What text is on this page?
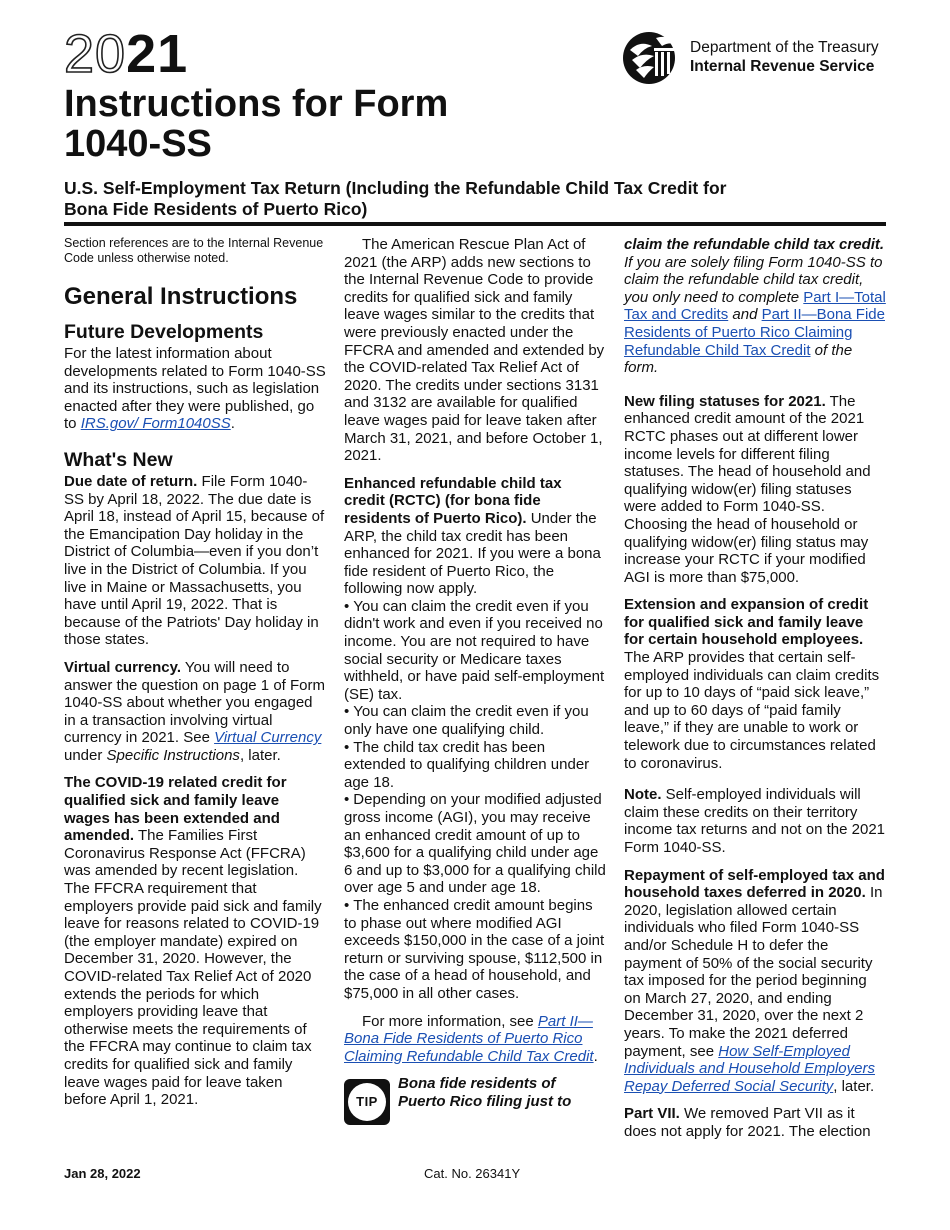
2021
Instructions for Form
1040-SS
Department of the Treasury
Internal Revenue Service
U.S. Self-Employment Tax Return (Including the Refundable Child Tax Credit for
Bona Fide Residents of Puerto Rico)

Section references are to the Internal Revenue Code unless otherwise noted.

General Instructions
Future Developments

For the latest information about developments related to Form 1040-SS and its instructions, such as legislation enacted after they were published, go to IRS.gov/ Form1040SS.

What's New

Due date of return. File Form 1040-SS by April 18, 2022. The due date is April 18, instead of April 15, because of the Emancipation Day holiday in the District of Columbia—even if you don’t live in the District of Columbia. If you live in Maine or Massachusetts, you have until April 19, 2022. That is because of the Patriots' Day holiday in those states.

Virtual currency. You will need to answer the question on page 1 of Form 1040-SS about whether you engaged in a transaction involving virtual currency in 2021. See Virtual Currency under Specific Instructions, later.

The COVID-19 related credit for qualified sick and family leave wages has been extended and amended. The Families First Coronavirus Response Act (FFCRA) was amended by recent legislation. The FFCRA requirement that employers provide paid sick and family leave for reasons related to COVID-19 (the employer mandate) expired on December 31, 2020. However, the COVID-related Tax Relief Act of 2020 extends the periods for which employers providing leave that otherwise meets the requirements of the FFCRA may continue to claim tax credits for qualified sick and family leave wages paid for leave taken before April 1, 2021.

The American Rescue Plan Act of 2021 (the ARP) adds new sections to the Internal Revenue Code to provide credits for qualified sick and family leave wages similar to the credits that were previously enacted under the FFCRA and amended and extended by the COVID-related Tax Relief Act of 2020. The credits under sections 3131 and 3132 are available for qualified leave wages paid for leave taken after March 31, 2021, and before October 1, 2021.

Enhanced refundable child tax credit (RCTC) (for bona fide residents of Puerto Rico). Under the ARP, the child tax credit has been enhanced for 2021. If you were a bona fide resident of Puerto Rico, the following now apply.

• You can claim the credit even if you didn't work and even if you received no income. You are not required to have social security or Medicare taxes withheld, or have paid self-employment (SE) tax.

• You can claim the credit even if you only have one qualifying child.

• The child tax credit has been extended to qualifying children under age 18.

• Depending on your modified adjusted gross income (AGI), you may receive an enhanced credit amount of up to $3,600 for a qualifying child under age 6 and up to $3,000 for a qualifying child over age 5 and under age 18.

• The enhanced credit amount begins to phase out where modified AGI exceeds $150,000 in the case of a joint return or surviving spouse, $112,500 in the case of a head of household, and $75,000 in all other cases.

For more information, see Part II—Bona Fide Residents of Puerto Rico Claiming Refundable Child Tax Credit.

TIP
Bona fide residents of Puerto Rico filing just to

claim the refundable child tax credit. If you are solely filing Form 1040-SS to claim the refundable child tax credit, you only need to complete Part I—Total Tax and Credits and Part II—Bona Fide Residents of Puerto Rico Claiming Refundable Child Tax Credit of the form.

New filing statuses for 2021. The enhanced credit amount of the 2021 RCTC phases out at different lower income levels for different filing statuses. The head of household and qualifying widow(er) filing statuses were added to Form 1040-SS. Choosing the head of household or qualifying widow(er) filing status may increase your RCTC if your modified AGI is more than $75,000.

Extension and expansion of credit for qualified sick and family leave for certain household employees. The ARP provides that certain self-employed individuals can claim credits for up to 10 days of “paid sick leave,” and up to 60 days of “paid family leave,” if they are unable to work or telework due to circumstances related to coronavirus.

Note. Self-employed individuals will claim these credits on their territory income tax returns and not on the 2021 Form 1040-SS.

Repayment of self-employed tax and household taxes deferred in 2020. In 2020, legislation allowed certain individuals who filed Form 1040-SS and/or Schedule H to defer the payment of 50% of the social security tax imposed for the period beginning on March 27, 2020, and ending December 31, 2020, over the next 2 years. To make the 2021 deferred payment, see How Self-Employed Individuals and Household Employers Repay Deferred Social Security, later.

Part VII. We removed Part VII as it does not apply for 2021. The election

Jan 28, 2022	Cat. No. 26341Y
